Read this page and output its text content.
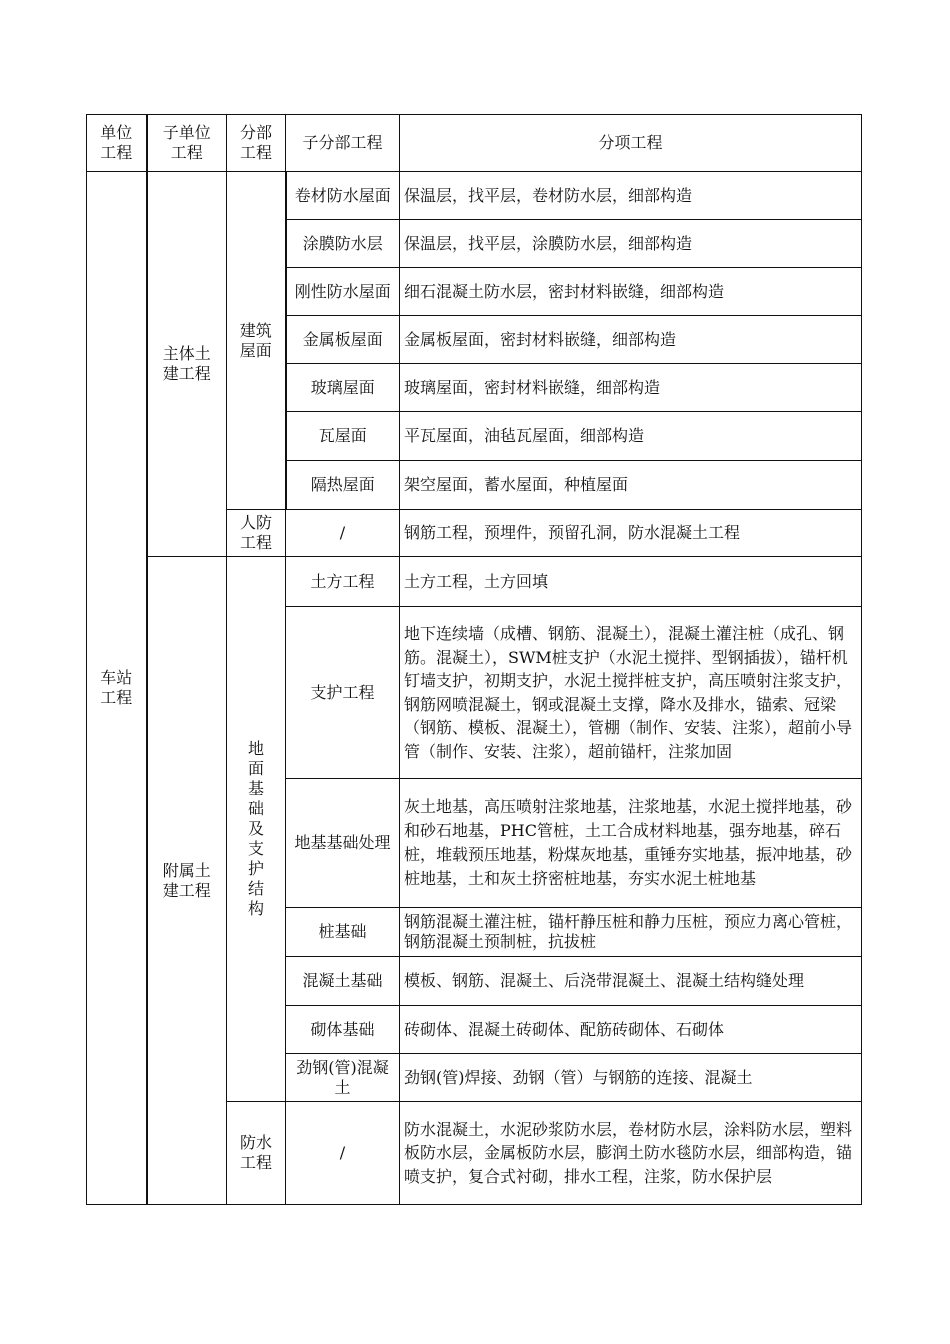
单位工程	子单位工程	分部工程	子分部工程	分项工程
车站工程	主体土建工程	建筑屋面	卷材防水屋面	保温层，找平层，卷材防水层，细部构造
			涂膜防水层	保温层，找平层，涂膜防水层，细部构造
			刚性防水屋面	细石混凝土防水层，密封材料嵌缝，细部构造
			金属板屋面	金属板屋面，密封材料嵌缝，细部构造
			玻璃屋面	玻璃屋面，密封材料嵌缝，细部构造
			瓦屋面	平瓦屋面，油毡瓦屋面，细部构造
			隔热屋面	架空屋面，蓄水屋面，种植屋面
		人防工程	/	钢筋工程，预埋件，预留孔洞，防水混凝土工程
	附属土建工程	地面基础及支护结构	土方工程	土方工程，土方回填
			支护工程	地下连续墙（成槽、钢筋、混凝土），混凝土灌注桩（成孔、钢筋。混凝土），SWM桩支护（水泥土搅拌、型钢插拔），锚杆机钉墙支护，初期支护，水泥土搅拌桩支护，高压喷射注浆支护，钢筋网喷混凝土，钢或混凝土支撑，降水及排水，锚索、冠梁（钢筋、模板、混凝土），管棚（制作、安装、注浆），超前小导管（制作、安装、注浆），超前锚杆，注浆加固
			地基基础处理	灰土地基，高压喷射注浆地基，注浆地基，水泥土搅拌地基，砂和砂石地基，PHC管桩，土工合成材料地基，强夯地基，碎石桩，堆载预压地基，粉煤灰地基，重锤夯实地基，振冲地基，砂桩地基，土和灰土挤密桩地基，夯实水泥土桩地基
			桩基础	钢筋混凝土灌注桩，锚杆静压桩和静力压桩，预应力离心管桩，钢筋混凝土预制桩，抗拔桩
			混凝土基础	模板、钢筋、混凝土、后浇带混凝土、混凝土结构缝处理
			砌体基础	砖砌体、混凝土砖砌体、配筋砖砌体、石砌体
			劲钢(管)混凝土	劲钢(管)焊接、劲钢（管）与钢筋的连接、混凝土
		防水工程	/	防水混凝土，水泥砂浆防水层，卷材防水层，涂料防水层，塑料板防水层，金属板防水层，膨润土防水毯防水层，细部构造，锚喷支护，复合式衬砌，排水工程，注浆，防水保护层
